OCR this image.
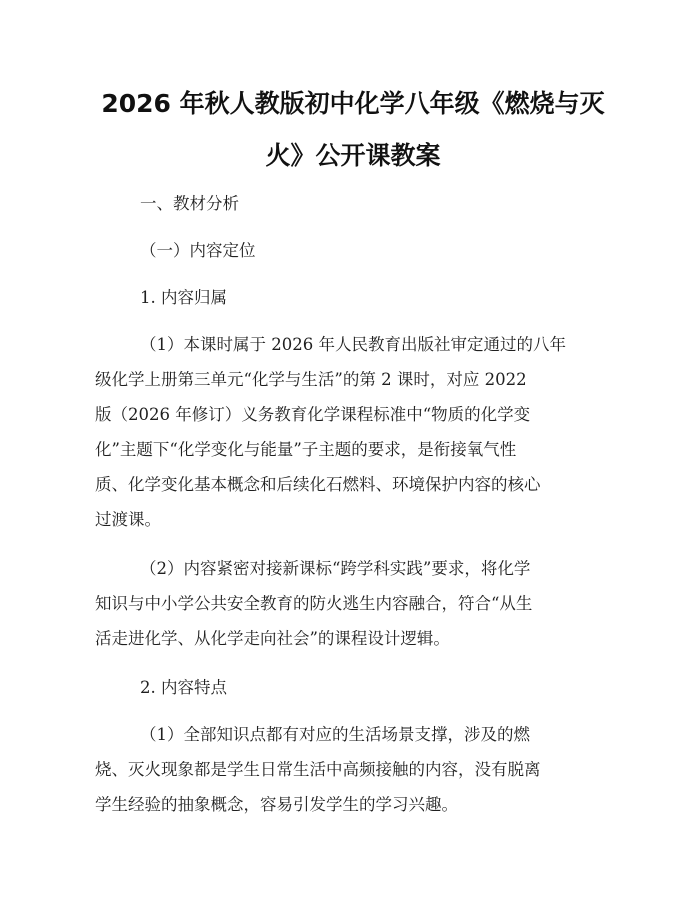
2026 年秋人教版初中化学八年级《燃烧与灭
火》公开课教案
一、教材分析
（一）内容定位
1. 内容归属
（1）本课时属于 2026 年人民教育出版社审定通过的八年
级化学上册第三单元“化学与生活”的第 2 课时，对应 2022
版（2026 年修订）义务教育化学课程标准中“物质的化学变
化”主题下“化学变化与能量”子主题的要求，是衔接氧气性
质、化学变化基本概念和后续化石燃料、环境保护内容的核心
过渡课。
（2）内容紧密对接新课标“跨学科实践”要求，将化学
知识与中小学公共安全教育的防火逃生内容融合，符合“从生
活走进化学、从化学走向社会”的课程设计逻辑。
2. 内容特点
（1）全部知识点都有对应的生活场景支撑，涉及的燃
烧、灭火现象都是学生日常生活中高频接触的内容，没有脱离
学生经验的抽象概念，容易引发学生的学习兴趣。
